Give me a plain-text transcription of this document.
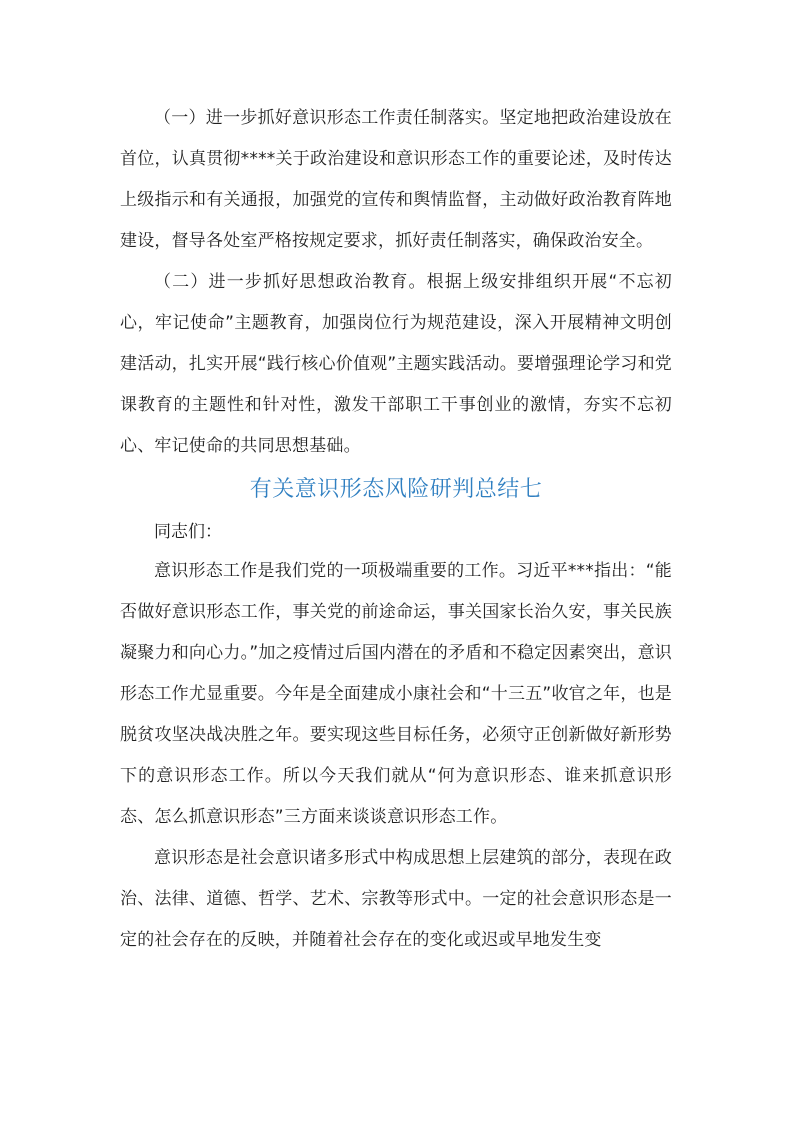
（一）进一步抓好意识形态工作责任制落实。坚定地把政治建设放在首位，认真贯彻****关于政治建设和意识形态工作的重要论述，及时传达上级指示和有关通报，加强党的宣传和舆情监督，主动做好政治教育阵地建设，督导各处室严格按规定要求，抓好责任制落实，确保政治安全。

（二）进一步抓好思想政治教育。根据上级安排组织开展“不忘初心，牢记使命”主题教育，加强岗位行为规范建设，深入开展精神文明创建活动，扎实开展“践行核心价值观”主题实践活动。要增强理论学习和党课教育的主题性和针对性，激发干部职工干事创业的激情，夯实不忘初心、牢记使命的共同思想基础。

有关意识形态风险研判总结七

同志们：

意识形态工作是我们党的一项极端重要的工作。习近平***指出：“能否做好意识形态工作，事关党的前途命运，事关国家长治久安，事关民族凝聚力和向心力。”加之疫情过后国内潜在的矛盾和不稳定因素突出，意识形态工作尤显重要。今年是全面建成小康社会和“十三五”收官之年，也是脱贫攻坚决战决胜之年。要实现这些目标任务，必须守正创新做好新形势下的意识形态工作。所以今天我们就从“何为意识形态、谁来抓意识形态、怎么抓意识形态”三方面来谈谈意识形态工作。

意识形态是社会意识诸多形式中构成思想上层建筑的部分，表现在政治、法律、道德、哲学、艺术、宗教等形式中。一定的社会意识形态是一定的社会存在的反映，并随着社会存在的变化或迟或早地发生变
